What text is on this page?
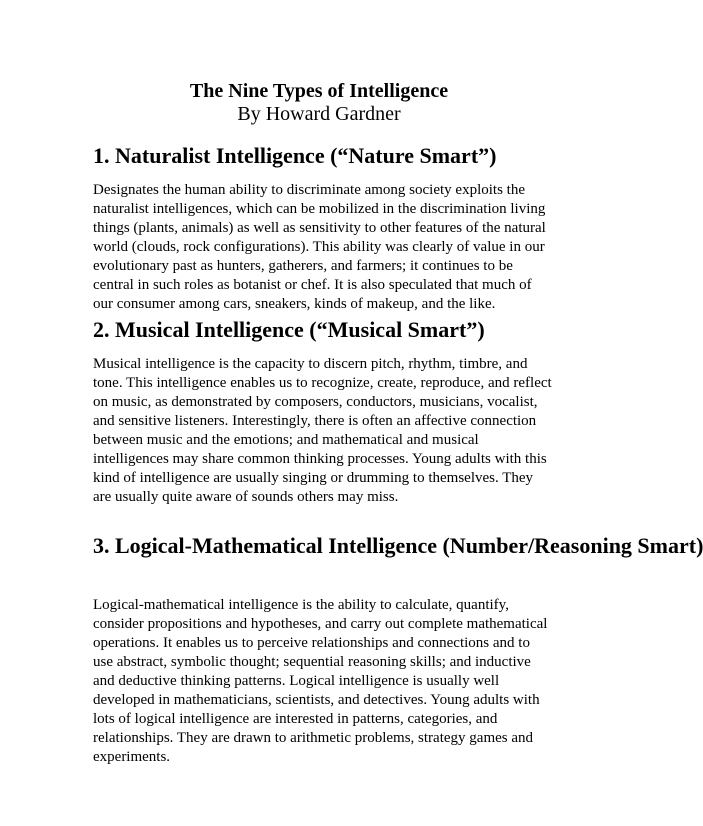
The Nine Types of Intelligence
By Howard Gardner
1. Naturalist Intelligence (“Nature Smart”)
Designates the human ability to discriminate among society exploits the
naturalist intelligences, which can be mobilized in the discrimination living
things (plants, animals) as well as sensitivity to other features of the natural
world (clouds, rock configurations). This ability was clearly of value in our
evolutionary past as hunters, gatherers, and farmers; it continues to be
central in such roles as botanist or chef. It is also speculated that much of
our consumer among cars, sneakers, kinds of makeup, and the like.
2. Musical Intelligence (“Musical Smart”)
Musical intelligence is the capacity to discern pitch, rhythm, timbre, and
tone. This intelligence enables us to recognize, create, reproduce, and reflect
on music, as demonstrated by composers, conductors, musicians, vocalist,
and sensitive listeners. Interestingly, there is often an affective connection
between music and the emotions; and mathematical and musical
intelligences may share common thinking processes. Young adults with this
kind of intelligence are usually singing or drumming to themselves. They
are usually quite aware of sounds others may miss.
3. Logical-Mathematical Intelligence (Number/Reasoning Smart)
Logical-mathematical intelligence is the ability to calculate, quantify,
consider propositions and hypotheses, and carry out complete mathematical
operations. It enables us to perceive relationships and connections and to
use abstract, symbolic thought; sequential reasoning skills; and inductive
and deductive thinking patterns. Logical intelligence is usually well
developed in mathematicians, scientists, and detectives. Young adults with
lots of logical intelligence are interested in patterns, categories, and
relationships. They are drawn to arithmetic problems, strategy games and
experiments.
